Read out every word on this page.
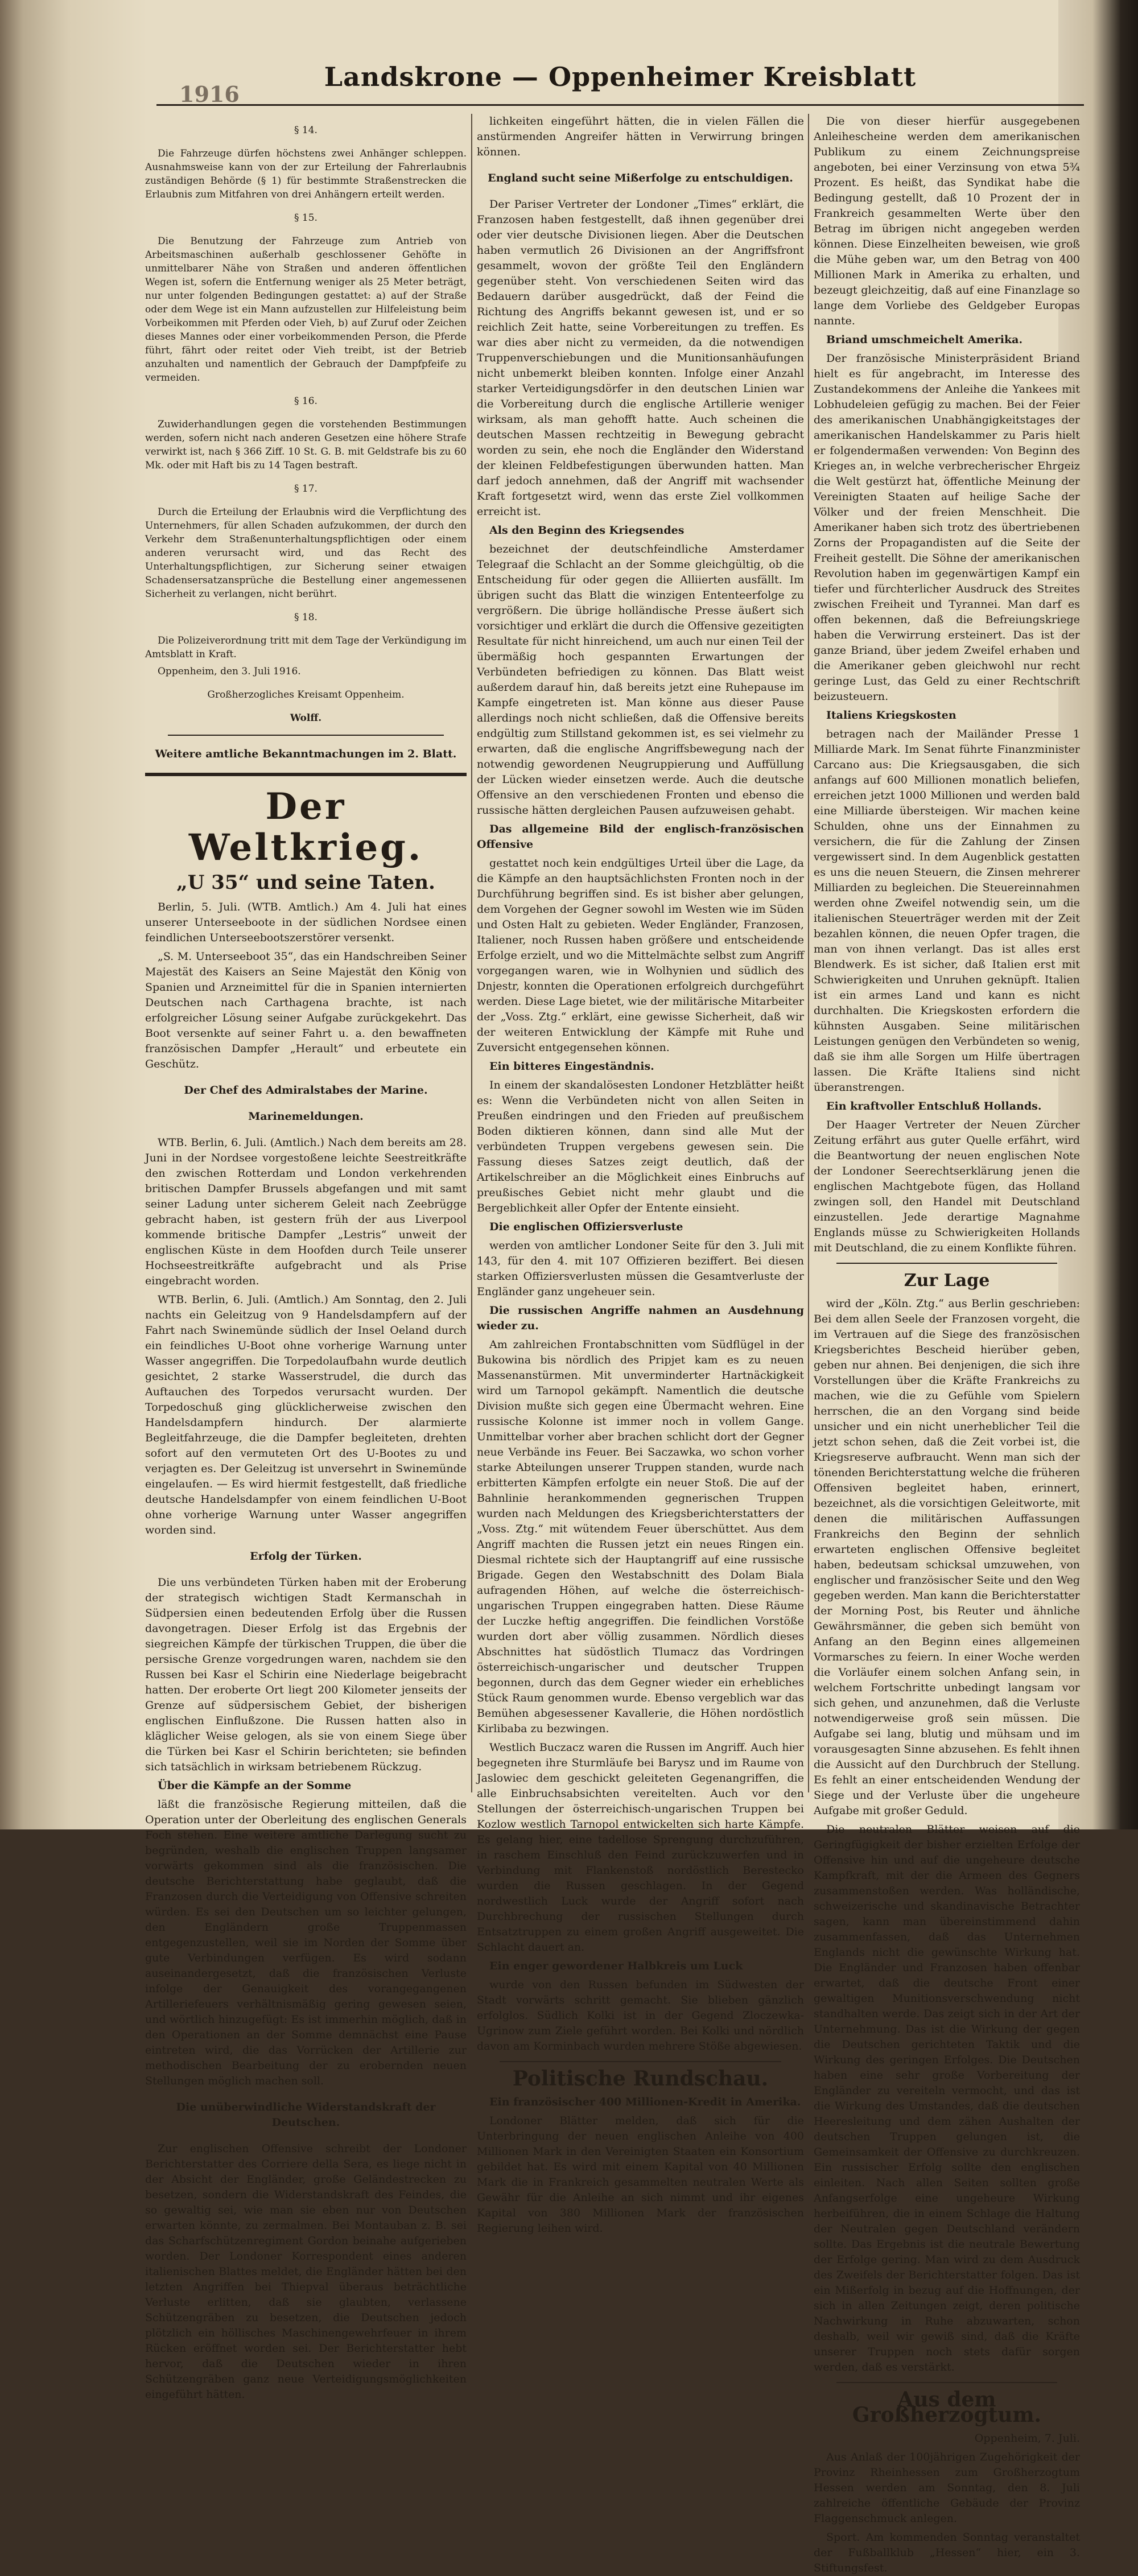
1916
Landskrone — Oppenheimer Kreisblatt

§ 14.

Die Fahrzeuge dürfen höchstens zwei Anhänger schleppen. Ausnahmsweise kann von der zur Erteilung der Fahrerlaubnis zuständigen Behörde (§ 1) für bestimmte Straßenstrecken die Erlaubnis zum Mitfahren von drei Anhängern erteilt werden.

§ 15.

Die Benutzung der Fahrzeuge zum Antrieb von Arbeitsmaschinen außerhalb geschlossener Gehöfte in unmittelbarer Nähe von Straßen und anderen öffentlichen Wegen ist, sofern die Entfernung weniger als 25 Meter beträgt, nur unter folgenden Bedingungen gestattet: a) auf der Straße oder dem Wege ist ein Mann aufzustellen zur Hilfeleistung beim Vorbeikommen mit Pferden oder Vieh, b) auf Zuruf oder Zeichen dieses Mannes oder einer vorbeikommenden Person, die Pferde führt, fährt oder reitet oder Vieh treibt, ist der Betrieb anzuhalten und namentlich der Gebrauch der Dampfpfeife zu vermeiden.

§ 16.

Zuwiderhandlungen gegen die vorstehenden Bestimmungen werden, sofern nicht nach anderen Gesetzen eine höhere Strafe verwirkt ist, nach § 366 Ziff. 10 St. G. B. mit Geldstrafe bis zu 60 Mk. oder mit Haft bis zu 14 Tagen bestraft.

§ 17.

Durch die Erteilung der Erlaubnis wird die Verpflichtung des Unternehmers, für allen Schaden aufzukommen, der durch den Verkehr dem Straßenunterhaltungspflichtigen oder einem anderen verursacht wird, und das Recht des Unterhaltungspflichtigen, zur Sicherung seiner etwaigen Schadensersatzansprüche die Bestellung einer angemessenen Sicherheit zu verlangen, nicht berührt.

§ 18.

Die Polizeiverordnung tritt mit dem Tage der Verkündigung im Amtsblatt in Kraft.

Oppenheim, den 3. Juli 1916.

Großherzogliches Kreisamt Oppenheim.

Wolff.

Weitere amtliche Bekanntmachungen im 2. Blatt.

Der Weltkrieg.
„U 35“ und seine Taten.

Berlin, 5. Juli. (WTB. Amtlich.) Am 4. Juli hat eines unserer Unterseeboote in der südlichen Nordsee einen feindlichen Unterseebootszerstörer versenkt.

„S. M. Unterseeboot 35“, das ein Handschreiben Seiner Majestät des Kaisers an Seine Majestät den König von Spanien und Arzneimittel für die in Spanien internierten Deutschen nach Carthagena brachte, ist nach erfolgreicher Lösung seiner Aufgabe zurückgekehrt. Das Boot versenkte auf seiner Fahrt u. a. den bewaffneten französischen Dampfer „Herault“ und erbeutete ein Geschütz.

Der Chef des Admiralstabes der Marine.

Marinemeldungen.

WTB. Berlin, 6. Juli. (Amtlich.) Nach dem bereits am 28. Juni in der Nordsee vorgestoßene leichte Seestreitkräfte den zwischen Rotterdam und London verkehrenden britischen Dampfer Brussels abgefangen und mit samt seiner Ladung unter sicherem Geleit nach Zeebrügge gebracht haben, ist gestern früh der aus Liverpool kommende britische Dampfer „Lestris“ unweit der englischen Küste in dem Hoofden durch Teile unserer Hochseestreitkräfte aufgebracht und als Prise eingebracht worden.

WTB. Berlin, 6. Juli. (Amtlich.) Am Sonntag, den 2. Juli nachts ein Geleitzug von 9 Handelsdampfern auf der Fahrt nach Swinemünde südlich der Insel Oeland durch ein feindliches U-Boot ohne vorherige Warnung unter Wasser angegriffen. Die Torpedolaufbahn wurde deutlich gesichtet, 2 starke Wasserstrudel, die durch das Auftauchen des Torpedos verursacht wurden. Der Torpedoschuß ging glücklicherweise zwischen den Handelsdampfern hindurch. Der alarmierte Begleitfahrzeuge, die die Dampfer begleiteten, drehten sofort auf den vermuteten Ort des U-Bootes zu und verjagten es. Der Geleitzug ist unversehrt in Swinemünde eingelaufen. — Es wird hiermit festgestellt, daß friedliche deutsche Handelsdampfer von einem feindlichen U-Boot ohne vorherige Warnung unter Wasser angegriffen worden sind.

Erfolg der Türken.

Die uns verbündeten Türken haben mit der Eroberung der strategisch wichtigen Stadt Kermanschah in Südpersien einen bedeutenden Erfolg über die Russen davongetragen. Dieser Erfolg ist das Ergebnis der siegreichen Kämpfe der türkischen Truppen, die über die persische Grenze vorgedrungen waren, nachdem sie den Russen bei Kasr el Schirin eine Niederlage beigebracht hatten. Der eroberte Ort liegt 200 Kilometer jenseits der Grenze auf südpersischem Gebiet, der bisherigen englischen Einflußzone. Die Russen hatten also in kläglicher Weise gelogen, als sie von einem Siege über die Türken bei Kasr el Schirin berichteten; sie befinden sich tatsächlich in wirksam betriebenem Rückzug.

Über die Kämpfe an der Somme

läßt die französische Regierung mitteilen, daß die Operation unter der Oberleitung des englischen Generals Foch stehen. Eine weitere amtliche Darlegung sucht zu begründen, weshalb die englischen Truppen langsamer vorwärts gekommen sind als die französischen. Die deutsche Berichterstattung habe geglaubt, daß die Franzosen durch die Verteidigung von Offensive schreiten würden. Es sei den Deutschen um so leichter gelungen, den Engländern große Truppenmassen entgegenzustellen, weil sie im Norden der Somme über gute Verbindungen verfügen. Es wird sodann auseinandergesetzt, daß die französischen Verluste infolge der Genauigkeit des vorangegangenen Artilleriefeuers verhältnismäßig gering gewesen seien, und wörtlich hinzugefügt: Es ist immerhin möglich, daß in den Operationen an der Somme demnächst eine Pause eintreten wird, die das Vorrücken der Artillerie zur methodischen Bearbeitung der zu erobernden neuen Stellungen möglich machen soll.

Die unüberwindliche Widerstandskraft der Deutschen.

Zur englischen Offensive schreibt der Londoner Berichterstatter des Corriere della Sera, es liege nicht in der Absicht der Engländer, große Geländestrecken zu besetzen, sondern die Widerstandskraft des Feindes, die so gewaltig sei, wie man sie eben nur von Deutschen erwarten könnte, zu zermalmen. Bei Montauban z. B. sei das Scharfschützenregiment Gordon beinahe aufgerieben worden. Der Londoner Korrespondent eines anderen italienischen Blattes meldet, die Engländer hätten bei den letzten Angriffen bei Thiepval überaus beträchtliche Verluste erlitten, daß sie glaubten, verlassene Schützengräben zu besetzen, die Deutschen jedoch plötzlich ein höllisches Maschinengewehrfeuer in ihrem Rücken eröffnet worden sei. Der Berichterstatter hebt hervor, daß die Deutschen wieder in ihren Schützengräben ganz neue Verteidigungsmöglichkeiten eingeführt hätten.

lichkeiten eingeführt hätten, die in vielen Fällen die anstürmenden Angreifer hätten in Verwirrung bringen können.

England sucht seine Mißerfolge zu entschuldigen.

Der Pariser Vertreter der Londoner „Times“ erklärt, die Franzosen haben festgestellt, daß ihnen gegenüber drei oder vier deutsche Divisionen liegen. Aber die Deutschen haben vermutlich 26 Divisionen an der Angriffsfront gesammelt, wovon der größte Teil den Engländern gegenüber steht. Von verschiedenen Seiten wird das Bedauern darüber ausgedrückt, daß der Feind die Richtung des Angriffs bekannt gewesen ist, und er so reichlich Zeit hatte, seine Vorbereitungen zu treffen. Es war dies aber nicht zu vermeiden, da die notwendigen Truppenverschiebungen und die Munitionsanhäufungen nicht unbemerkt bleiben konnten. Infolge einer Anzahl starker Verteidigungsdörfer in den deutschen Linien war die Vorbereitung durch die englische Artillerie weniger wirksam, als man gehofft hatte. Auch scheinen die deutschen Massen rechtzeitig in Bewegung gebracht worden zu sein, ehe noch die Engländer den Widerstand der kleinen Feldbefestigungen überwunden hatten. Man darf jedoch annehmen, daß der Angriff mit wachsender Kraft fortgesetzt wird, wenn das erste Ziel vollkommen erreicht ist.

Als den Beginn des Kriegsendes

bezeichnet der deutschfeindliche Amsterdamer Telegraaf die Schlacht an der Somme gleichgültig, ob die Entscheidung für oder gegen die Alliierten ausfällt. Im übrigen sucht das Blatt die winzigen Ententeerfolge zu vergrößern. Die übrige holländische Presse äußert sich vorsichtiger und erklärt die durch die Offensive gezeitigten Resultate für nicht hinreichend, um auch nur einen Teil der übermäßig hoch gespannten Erwartungen der Verbündeten befriedigen zu können. Das Blatt weist außerdem darauf hin, daß bereits jetzt eine Ruhepause im Kampfe eingetreten ist. Man könne aus dieser Pause allerdings noch nicht schließen, daß die Offensive bereits endgültig zum Stillstand gekommen ist, es sei vielmehr zu erwarten, daß die englische Angriffsbewegung nach der notwendig gewordenen Neugruppierung und Auffüllung der Lücken wieder einsetzen werde. Auch die deutsche Offensive an den verschiedenen Fronten und ebenso die russische hätten dergleichen Pausen aufzuweisen gehabt.

Das allgemeine Bild der englisch-französischen Offensive

gestattet noch kein endgültiges Urteil über die Lage, da die Kämpfe an den hauptsächlichsten Fronten noch in der Durchführung begriffen sind. Es ist bisher aber gelungen, dem Vorgehen der Gegner sowohl im Westen wie im Süden und Osten Halt zu gebieten. Weder Engländer, Franzosen, Italiener, noch Russen haben größere und entscheidende Erfolge erzielt, und wo die Mittelmächte selbst zum Angriff vorgegangen waren, wie in Wolhynien und südlich des Dnjestr, konnten die Operationen erfolgreich durchgeführt werden. Diese Lage bietet, wie der militärische Mitarbeiter der „Voss. Ztg.“ erklärt, eine gewisse Sicherheit, daß wir der weiteren Entwicklung der Kämpfe mit Ruhe und Zuversicht entgegensehen können.

Ein bitteres Eingeständnis.

In einem der skandalösesten Londoner Hetzblätter heißt es: Wenn die Verbündeten nicht von allen Seiten in Preußen eindringen und den Frieden auf preußischem Boden diktieren können, dann sind alle Mut der verbündeten Truppen vergebens gewesen sein. Die Fassung dieses Satzes zeigt deutlich, daß der Artikelschreiber an die Möglichkeit eines Einbruchs auf preußisches Gebiet nicht mehr glaubt und die Bergeblichkeit aller Opfer der Entente einsieht.

Die englischen Offiziersverluste

werden von amtlicher Londoner Seite für den 3. Juli mit 143, für den 4. mit 107 Offizieren beziffert. Bei diesen starken Offiziersverlusten müssen die Gesamtverluste der Engländer ganz ungeheuer sein.

Die russischen Angriffe nahmen an Ausdehnung wieder zu.

Am zahlreichen Frontabschnitten vom Südflügel in der Bukowina bis nördlich des Pripjet kam es zu neuen Massenanstürmen. Mit unverminderter Hartnäckigkeit wird um Tarnopol gekämpft. Namentlich die deutsche Division mußte sich gegen eine Übermacht wehren. Eine russische Kolonne ist immer noch in vollem Gange. Unmittelbar vorher aber brachen schlicht dort der Gegner neue Verbände ins Feuer. Bei Saczawka, wo schon vorher starke Abteilungen unserer Truppen standen, wurde nach erbitterten Kämpfen erfolgte ein neuer Stoß. Die auf der Bahnlinie herankommenden gegnerischen Truppen wurden nach Meldungen des Kriegsberichterstatters der „Voss. Ztg.“ mit wütendem Feuer überschüttet. Aus dem Angriff machten die Russen jetzt ein neues Ringen ein. Diesmal richtete sich der Hauptangriff auf eine russische Brigade. Gegen den Westabschnitt des Dolam Biala aufragenden Höhen, auf welche die österreichisch-ungarischen Truppen eingegraben hatten. Diese Räume der Luczke heftig angegriffen. Die feindlichen Vorstöße wurden dort aber völlig zusammen. Nördlich dieses Abschnittes hat südöstlich Tlumacz das Vordringen österreichisch-ungarischer und deutscher Truppen begonnen, durch das dem Gegner wieder ein erhebliches Stück Raum genommen wurde. Ebenso vergeblich war das Bemühen abgesessener Kavallerie, die Höhen nordöstlich Kirlibaba zu bezwingen.

Westlich Buczacz waren die Russen im Angriff. Auch hier begegneten ihre Sturmläufe bei Barysz und im Raume von Jaslowiec dem geschickt geleiteten Gegenangriffen, die alle Einbruchsabsichten vereitelten. Auch vor den Stellungen der österreichisch-ungarischen Truppen bei Kozlow westlich Tarnopol entwickelten sich harte Kämpfe. Es gelang hier, eine tadellose Sprengung durchzuführen, in raschem Einschluß den Feind zurückzuwerfen und in Verbindung mit Flankenstoß nordöstlich Berestecko wurden die Russen geschlagen. In der Gegend nordwestlich Luck wurde der Angriff sofort nach Durchbrechung der russischen Stellungen durch Entsatztruppen zu einem großen Angriff ausgeweitet. Die Schlacht dauert an.

Ein enger gewordener Halbkreis um Luck

wurde von den Russen befunden im Südwesten der Stadt vorwärts schritt gemacht. Sie blieben gänzlich erfolglos. Südlich Kolki ist in der Gegend Zloczewka-Ugrinow zum Ziele geführt worden. Bei Kolki und nördlich davon am Korminbach wurden mehrere Stöße abgewiesen.

Politische Rundschau.

Ein französischer 400 Millionen-Kredit in Amerika.

Londoner Blätter melden, daß sich für die Unterbringung der neuen englischen Anleihe von 400 Millionen Mark in den Vereinigten Staaten ein Konsortium gebildet hat. Es wird mit einem Kapital von 40 Millionen Mark die in Frankreich gesammelten neutralen Werte als Gewähr für die Anleihe an sich nimmt und ihr eigenes Kapital von 380 Millionen Mark der französischen Regierung leihen wird.

Die von dieser hierfür ausgegebenen Anleihescheine werden dem amerikanischen Publikum zu einem Zeichnungspreise angeboten, bei einer Verzinsung von etwa 5¾ Prozent. Es heißt, das Syndikat habe die Bedingung gestellt, daß 10 Prozent der in Frankreich gesammelten Werte über den Betrag im übrigen nicht angegeben werden können. Diese Einzelheiten beweisen, wie groß die Mühe geben war, um den Betrag von 400 Millionen Mark in Amerika zu erhalten, und bezeugt gleichzeitig, daß auf eine Finanzlage so lange dem Vorliebe des Geldgeber Europas nannte.

Briand umschmeichelt Amerika.

Der französische Ministerpräsident Briand hielt es für angebracht, im Interesse des Zustandekommens der Anleihe die Yankees mit Lobhudeleien gefügig zu machen. Bei der Feier des amerikanischen Unabhängigkeitstages der amerikanischen Handelskammer zu Paris hielt er folgendermaßen verwenden: Von Beginn des Krieges an, in welche verbrecherischer Ehrgeiz die Welt gestürzt hat, öffentliche Meinung der Vereinigten Staaten auf heilige Sache der Völker und der freien Menschheit. Die Amerikaner haben sich trotz des übertriebenen Zorns der Propagandisten auf die Seite der Freiheit gestellt. Die Söhne der amerikanischen Revolution haben im gegenwärtigen Kampf ein tiefer und fürchterlicher Ausdruck des Streites zwischen Freiheit und Tyrannei. Man darf es offen bekennen, daß die Befreiungskriege haben die Verwirrung ersteinert. Das ist der ganze Briand, über jedem Zweifel erhaben und die Amerikaner geben gleichwohl nur recht geringe Lust, das Geld zu einer Rechtschrift beizusteuern.

Italiens Kriegskosten

betragen nach der Mailänder Presse 1 Milliarde Mark. Im Senat führte Finanzminister Carcano aus: Die Kriegsausgaben, die sich anfangs auf 600 Millionen monatlich beliefen, erreichen jetzt 1000 Millionen und werden bald eine Milliarde übersteigen. Wir machen keine Schulden, ohne uns der Einnahmen zu versichern, die für die Zahlung der Zinsen vergewissert sind. In dem Augenblick gestatten es uns die neuen Steuern, die Zinsen mehrerer Milliarden zu begleichen. Die Steuereinnahmen werden ohne Zweifel notwendig sein, um die italienischen Steuerträger werden mit der Zeit bezahlen können, die neuen Opfer tragen, die man von ihnen verlangt. Das ist alles erst Blendwerk. Es ist sicher, daß Italien erst mit Schwierigkeiten und Unruhen geknüpft. Italien ist ein armes Land und kann es nicht durchhalten. Die Kriegskosten erfordern die kühnsten Ausgaben. Seine militärischen Leistungen genügen den Verbündeten so wenig, daß sie ihm alle Sorgen um Hilfe übertragen lassen. Die Kräfte Italiens sind nicht überanstrengen.

Ein kraftvoller Entschluß Hollands.

Der Haager Vertreter der Neuen Zürcher Zeitung erfährt aus guter Quelle erfährt, wird die Beantwortung der neuen englischen Note der Londoner Seerechtserklärung jenen die englischen Machtgebote fügen, das Holland zwingen soll, den Handel mit Deutschland einzustellen. Jede derartige Magnahme Englands müsse zu Schwierigkeiten Hollands mit Deutschland, die zu einem Konflikte führen.

Zur Lage

wird der „Köln. Ztg.“ aus Berlin geschrieben: Bei dem allen Seele der Franzosen vorgeht, die im Vertrauen auf die Siege des französischen Kriegsberichtes Bescheid hierüber geben, geben nur ahnen. Bei denjenigen, die sich ihre Vorstellungen über die Kräfte Frankreichs zu machen, wie die zu Gefühle vom Spielern herrschen, die an den Vorgang sind beide unsicher und ein nicht unerheblicher Teil die jetzt schon sehen, daß die Zeit vorbei ist, die Kriegsreserve aufbraucht. Wenn man sich der tönenden Berichterstattung welche die früheren Offensiven begleitet haben, erinnert, bezeichnet, als die vorsichtigen Geleitworte, mit denen die militärischen Auffassungen Frankreichs den Beginn der sehnlich erwarteten englischen Offensive begleitet haben, bedeutsam schicksal umzuwehen, von englischer und französischer Seite und den Weg gegeben werden. Man kann die Berichterstatter der Morning Post, bis Reuter und ähnliche Gewährsmänner, die geben sich bemüht von Anfang an den Beginn eines allgemeinen Vormarsches zu feiern. In einer Woche werden die Vorläufer einem solchen Anfang sein, in welchem Fortschritte unbedingt langsam vor sich gehen, und anzunehmen, daß die Verluste notwendigerweise groß sein müssen. Die Aufgabe sei lang, blutig und mühsam und im vorausgesagten Sinne abzusehen. Es fehlt ihnen die Aussicht auf den Durchbruch der Stellung. Es fehlt an einer entscheidenden Wendung der Siege und der Verluste über die ungeheure Aufgabe mit großer Geduld.

Die neutralen Blätter weisen auf die Geringfügigkeit der bisher erzielten Erfolge der Offensive hin und auf die ungeheure deutsche Kampfkraft, mit der die Armeen des Gegners zusammenstoßen werden. Was holländische, schweizerische und skandinavische Betrachter sagen, kann man übereinstimmend dahin zusammenfassen, daß das Unternehmen Englands nicht die gewünschte Wirkung hat. Die Engländer und Franzosen haben offenbar erwartet, daß die deutsche Front einer gewaltigen Munitionsverschwendung nicht standhalten werde. Das zeigt sich in der Art der Unternehmung. Das ist die Wirkung der gegen die Deutschen gerichteten Taktik und die Wirkung des geringen Erfolges. Die Deutschen haben eine sehr große Vorbereitung der Engländer zu vereiteln vermocht, und das ist die Wirkung des Umstandes, daß die deutschen Heeresleitung und dem zähen Aushalten der deutschen Truppen gelungen ist, die Gemeinsamkeit der Offensive zu durchkreuzen. Ein russischer Erfolg sollte den englischen einleiten. Nach allen Seiten sollten große Anfangserfolge eine ungeheure Wirkung herbeiführen, die in einem Schlage die Haltung der Neutralen gegen Deutschland verändern sollte. Das Ergebnis ist die neutrale Bewertung der Erfolge gering. Man wird zu dem Ausdruck des Zweifels der Berichterstatter folgen. Das ist ein Mißerfolg in bezug auf die Hoffnungen, der sich in allen Zeitungen zeigt, deren politische Nachwirkung in Ruhe abzuwarten, schon deshalb, weil wir gewiß sind, daß die Kräfte unserer Truppen noch stets dafür sorgen werden, daß es verstärkt.

Aus dem Großherzogtum.

Oppenheim, 7. Juli.

Aus Anlaß der 100jährigen Zugehörigkeit der Provinz Rheinhessen zum Großherzogtum Hessen werden am Sonntag, den 8. Juli zahlreiche öffentliche Gebäude der Provinz Flaggenschmuck anlegen.

Sport. Am kommenden Sonntag veranstaltet der Fußballklub „Hessen“ hier, ein 3. Stiftungsfest.
